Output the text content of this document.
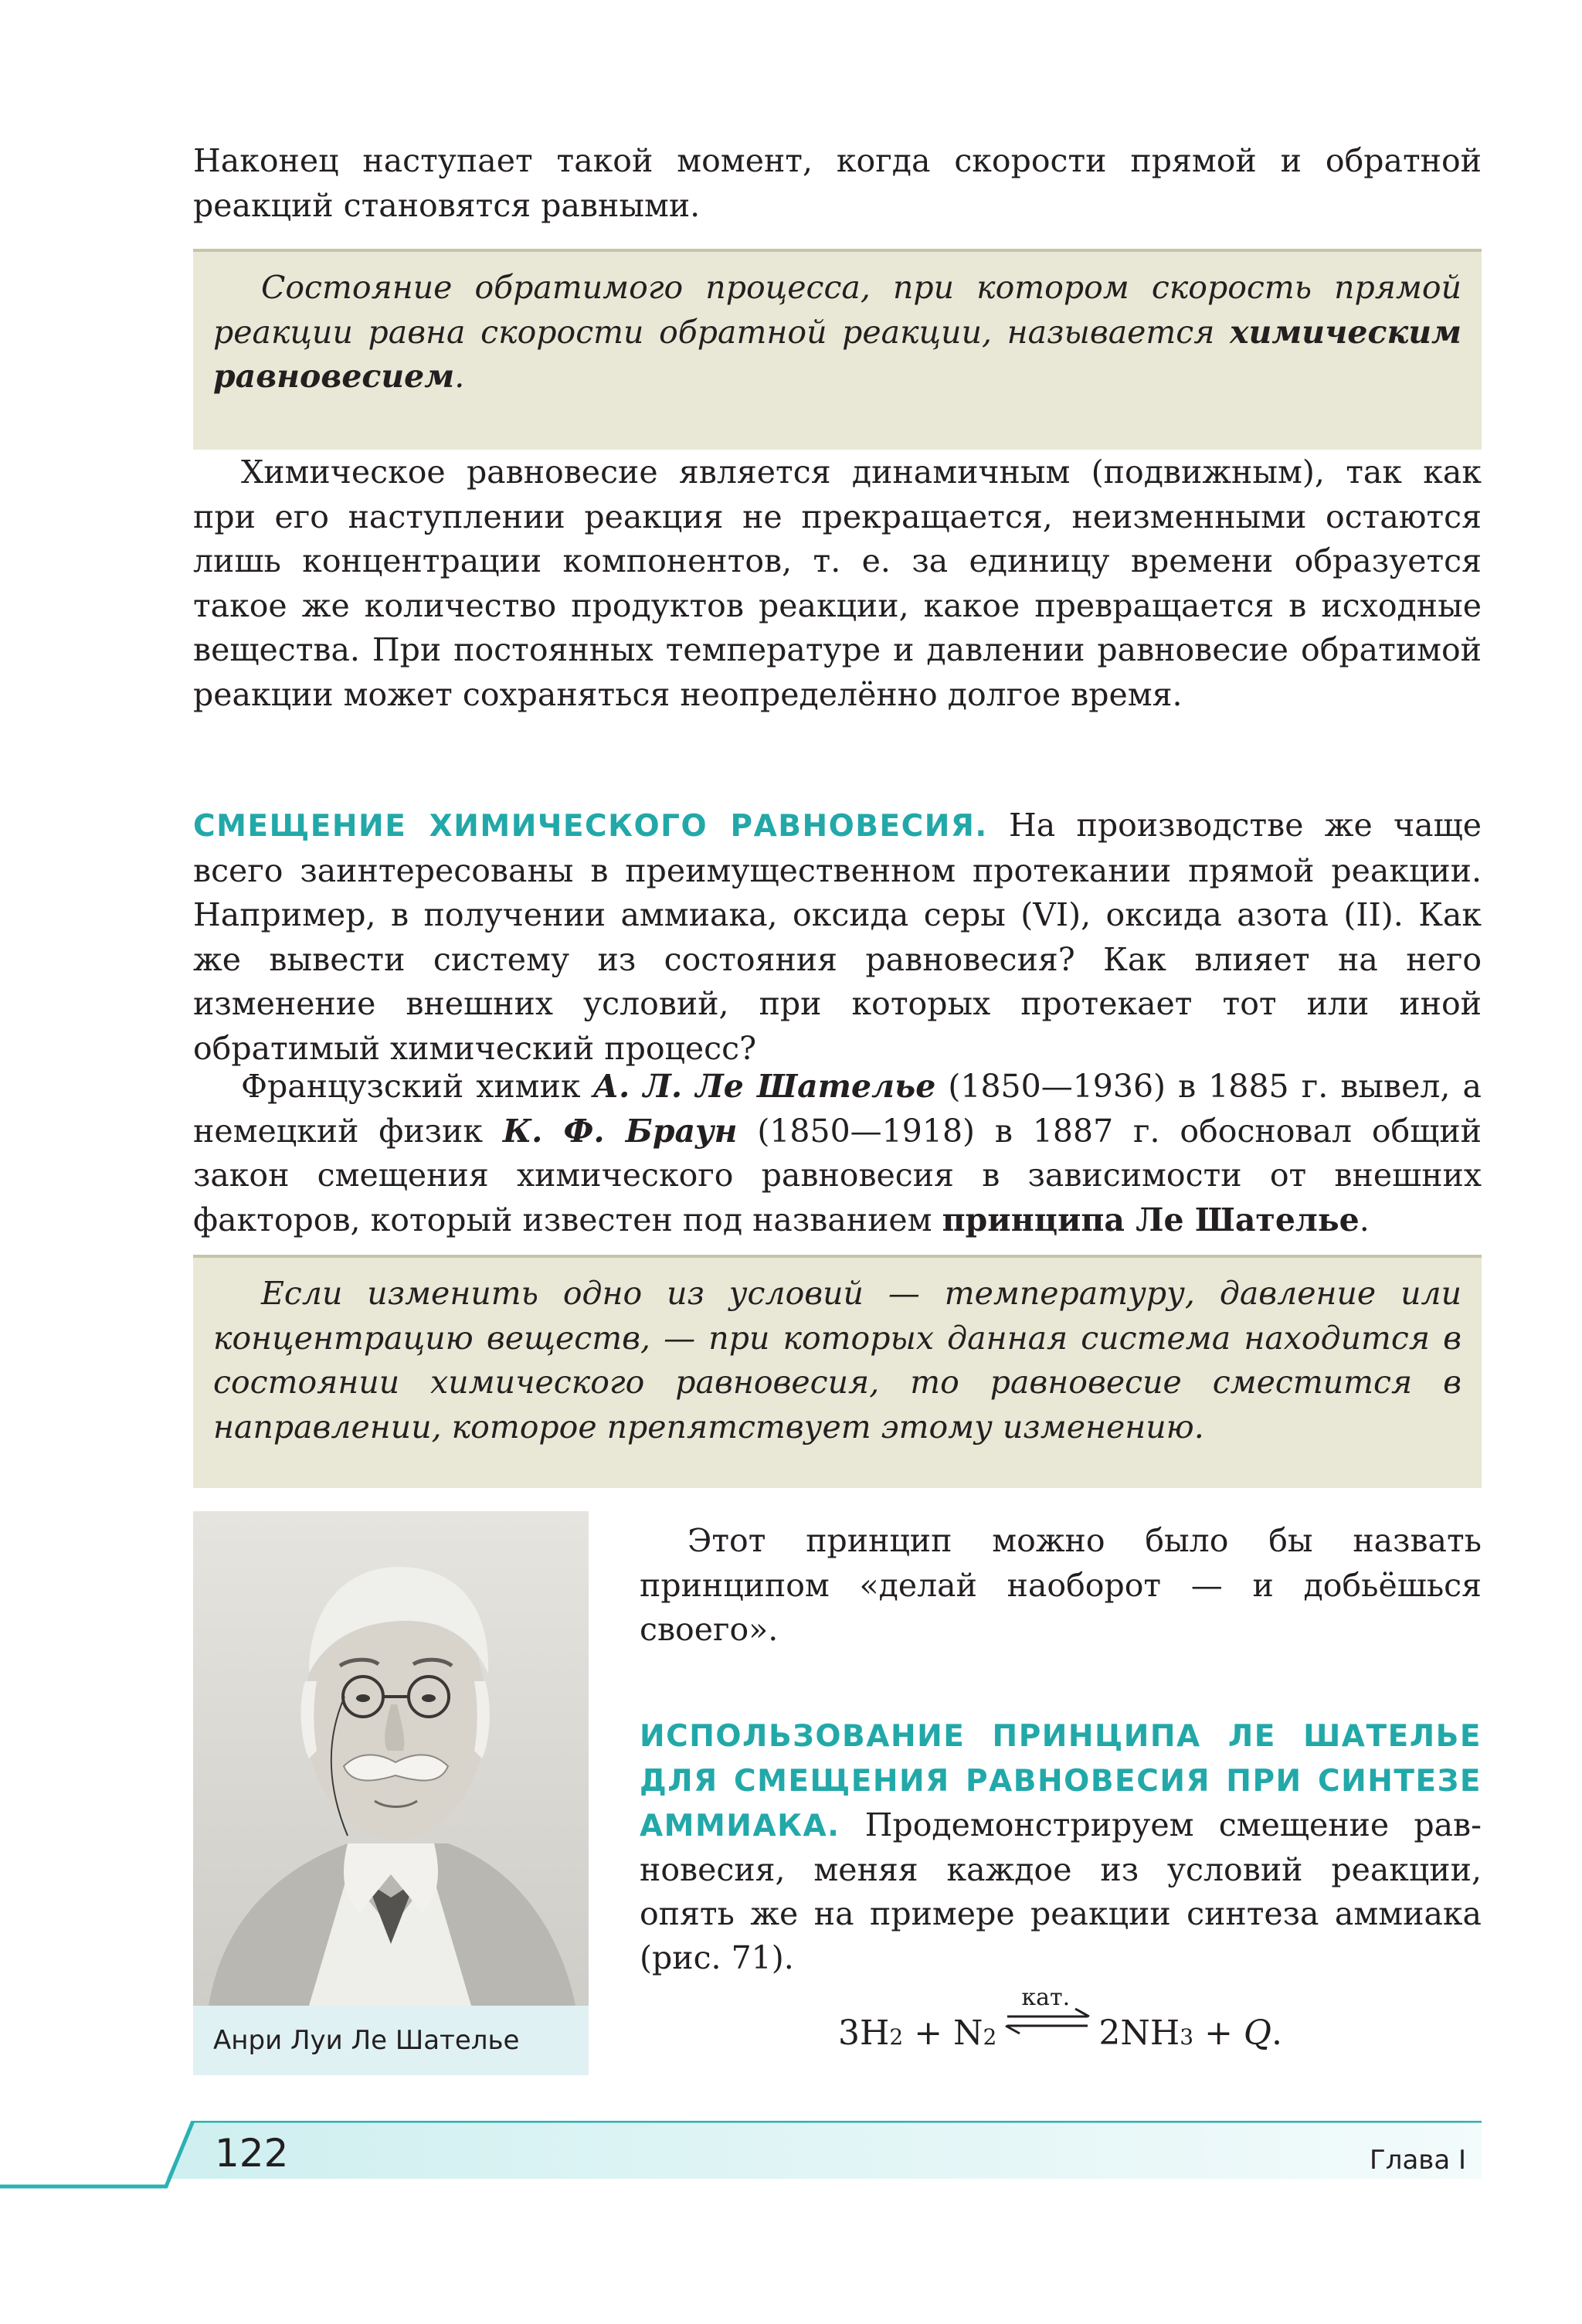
Наконец наступает такой момент, когда скорости прямой и обратной реакций становятся равными.

Состояние обратимого процесса, при котором скорость прямой реакции равна скорости обратной реакции, называется химическим равновесием.

Химическое равновесие является динамичным (подвижным), так как при его наступлении реакция не прекращается, неизменными остаются лишь концентрации компонентов, т. е. за единицу времени образуется такое же количество продуктов реакции, какое превращается в исходные вещества. При постоянных температуре и давлении равновесие обратимой реакции может сохраняться неопределённо долгое время.

СМЕЩЕНИЕ ХИМИЧЕСКОГО РАВНОВЕСИЯ. На производстве же чаще всего заинтересованы в преимущественном протекании прямой реакции. Например, в получении аммиака, оксида серы (VI), оксида азота (II). Как же вывести систему из состояния равновесия? Как влияет на него изменение внешних условий, при которых протекает тот или иной обратимый химический процесс?

Французский химик А. Л. Ле Шателье (1850—1936) в 1885 г. вывел, а немецкий физик К. Ф. Браун (1850—1918) в 1887 г. обосновал общий закон смещения химического равновесия в зависимости от внешних факторов, который известен под названием принципа Ле Шателье.

Если изменить одно из условий — температуру, давление или концентрацию веществ, — при которых данная система находится в состоянии химического равновесия, то равновесие сместится в направлении, которое препятствует этому изменению.

Анри Луи Ле Шателье

Этот принцип можно было бы назвать принципом «делай наоборот — и добьёшься своего».

ИСПОЛЬЗОВАНИЕ ПРИНЦИПА ЛЕ ШАТЕЛЬЕ ДЛЯ СМЕЩЕНИЯ РАВНОВЕСИЯ ПРИ СИНТЕЗЕ АММИАКА. Продемонстрируем смещение равновесия, меняя каждое из условий реакции, опять же на примере реакции синтеза аммиака (рис. 71).

3H 2 + N 2
кат.
2NH 3 + Q .
122	Глава I
